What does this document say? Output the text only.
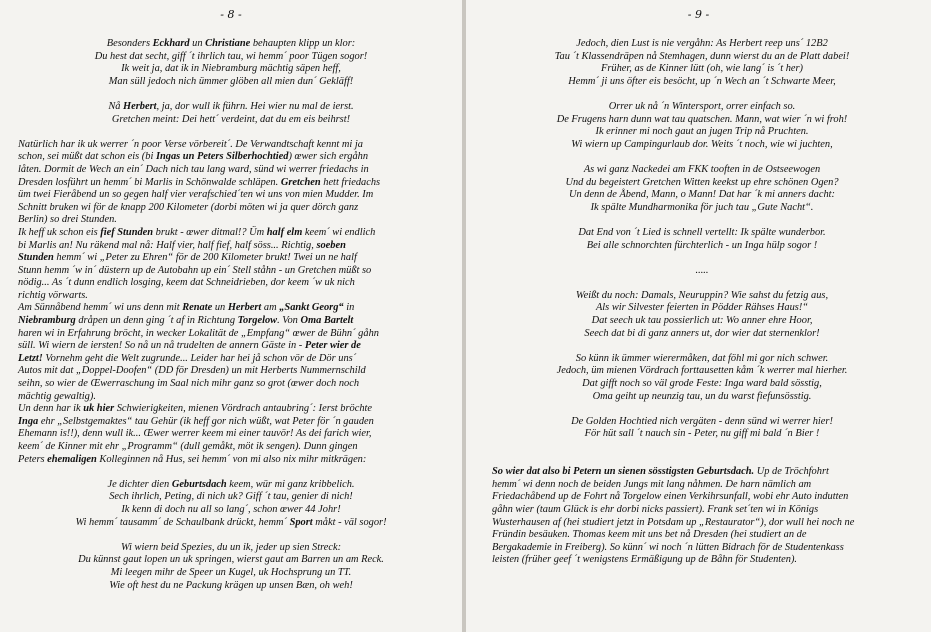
- 8 -
Besonders Eckhard un Christiane behaupten klipp un klor:
Du hest dat secht, giff ´t ihrlich tau, wi hemm´ poor Tügen sogor!
Ik weit ja, dat ik in Niebramburg mächtig säpen heff,
Man süll jedoch nich ümmer glöben all mien dun´ Gekläff!
Nå Herbert, ja, dor wull ik führn. Hei wier nu mal de ierst.
Gretchen meint: Dei hett´ verdeint, dat du em eis beihrst!
Natürlich har ik uk werrer ´n poor Verse vörbereit´. De Verwandtschaft kennt mi ja
schon, sei müßt dat schon eis (bi Ingas un Peters Silberhochtied) œwer sich ergåhn
låten. Dormit de Wech an ein´ Dach nich tau lang ward, sünd wi werrer friedachs in
Dresden losführt un hemm´ bi Marlis in Schönwalde schläpen. Gretchen hett friedachs
üm twei Fieråbend un so gegen half vier verafschied´ten wi uns von mien Mudder. Im
Schnitt bruken wi för de knapp 200 Kilometer (dorbi möten wi ja quer dörch ganz
Berlin) so drei Stunden.
Ik heff uk schon eis fief Stunden brukt - œwer ditmal!? Üm half elm keem´ wi endlich
bi Marlis an! Nu räkend mal nå: Half vier, half fief, half söss... Richtig, soeben
Stunden hemm´ wi „Peter zu Ehren“ för de 200 Kilometer brukt! Twei un ne half
Stunn hemm ´w in´ düstern up de Autobahn up ein´ Stell ståhn - un Gretchen müßt so
nödig... As ´t dunn endlich losging, keem dat Schneidrieben, dor keem ´w uk nich
richtig vörwarts.
Am Sünnåbend hemm´ wi uns denn mit Renate un Herbert am „Sankt Georg“ in
Niebramburg dråpen un denn ging ´t af in Richtung Torgelow. Von Oma Bartelt
haren wi in Erfahrung bröcht, in wecker Lokalität de „Empfang“ œwer de Bühn´ gåhn
süll. Wi wiern de iersten! So nå un nå trudelten de annern Gäste in - Peter wier de
Letzt! Vornehm geht die Welt zugrunde... Leider har hei jå schon vör de Dör uns´
Autos mit dat „Doppel-Doofen“ (DD för Dresden) un mit Herberts Nummernschild
seihn, so wier de Œwerraschung im Saal nich mihr ganz so grot (œwer doch noch
mächtig gewaltig).
Un denn har ik uk hier Schwierigkeiten, mienen Vördrach antaubring´: Ierst bröchte
Inga ehr „Selbstgemaktes“ tau Gehür (ik heff gor nich wüßt, wat Peter för ´n gauden
Ehemann is!!), denn wull ik... Œwer werrer keem mi einer tauvör! As dei farich wier,
keem´ de Kinner mit ehr „Programm“ (dull gemåkt, möt ik sengen). Dunn gingen
Peters ehemaligen Kolleginnen nå Hus, sei hemm´ von mi also nix mihr mitkrägen:
Je dichter dien Geburtsdach keem, wür mi ganz kribbelich.
Sech ihrlich, Peting, di nich uk? Giff ´t tau, genier di nich!
Ik kenn di doch nu all so lang´, schon œwer 44 Johr!
Wi hemm´ tausamm´ de Schaulbank drückt, hemm´ Sport måkt - väl sogor!
Wi wiern beid Spezies, du un ik, jeder up sien Streck:
Du künnst gaut lopen un uk springen, wierst gaut am Barren un am Reck.
Mi leegen mihr de Speer un Kugel, uk Hochsprung un TT.
Wie oft hest du ne Packung krägen up unsen Bæn, oh weh!
- 9 -
Jedoch, dien Lust is nie vergåhn: As Herbert reep uns´ 12B2
Tau ´t Klassendräpen nå Stemhagen, dunn wierst du an de Platt dabei!
Früher, as de Kinner lütt (oh, wie lang´ is ´t her)
Hemm´ ji uns öfter eis besöcht, up ´n Wech an ´t Schwarte Meer,
Orrer uk nå ´n Wintersport, orrer einfach so.
De Frugens harn dunn wat tau quatschen. Mann, wat wier ´n wi froh!
Ik erinner mi noch gaut an jugen Trip nå Pruchten.
Wi wiern up Campingurlaub dor. Weits ´t noch, wie wi juchten,
As wi ganz Nackedei am FKK tooften in de Ostseewogen
Und du begeistert Gretchen Witten keekst up ehre schönen Ogen?
Un denn de Åbend, Mann, o Mann! Dat har ´k mi anners dacht:
Ik spälte Mundharmonika för juch tau „Gute Nacht“.
Dat End von ´t Lied is schnell vertellt: Ik spälte wunderbor.
Bei alle schnorchten fürchterlich - un Inga hülp sogor !
.....
Weißt du noch: Damals, Neuruppin? Wie sahst du fetzig aus,
Als wir Silvester feierten in Pödder Rähses Haus!“
Dat seech uk tau possierlich ut: Wo anner ehre Hoor,
Seech dat bi di ganz anners ut, dor wier dat sternenklor!
So künn ik ümmer wierermåken, dat föhl mi gor nich schwer.
Jedoch, üm mienen Vördrach forttausetten kåm ´k werrer mal hierher.
Dat gifft noch so väl grode Feste: Inga ward bald sösstig,
Oma geiht up neunzig tau, un du warst fiefunsösstig.
De Golden Hochtied nich vergäten - denn sünd wi werrer hier!
För hüt sall ´t nauch sin - Peter, nu giff mi bald ´n Bier !
So wier dat also bi Petern un sienen sösstigsten Geburtsdach. Up de Tröchfohrt
hemm´ wi denn noch de beiden Jungs mit lang nåhmen. De harn nämlich am
Friedachåbend up de Fohrt nå Torgelow einen Verkihrsunfall, wobi ehr Auto indutten
gåhn wier (taum Glück is ehr dorbi nicks passiert). Frank set´ten wi in Königs
Wusterhausen af (hei studiert jetzt in Potsdam up „Restaurator“), dor wull hei noch ne
Fründin besäuken. Thomas keem mit uns bet nå Dresden (hei studiert an de
Bergakademie in Freiberg). So künn´ wi noch ´n lütten Bidrach för de Studentenkass
leisten (früher geef ´t wenigstens Ermäßigung up de Båhn för Studenten).
